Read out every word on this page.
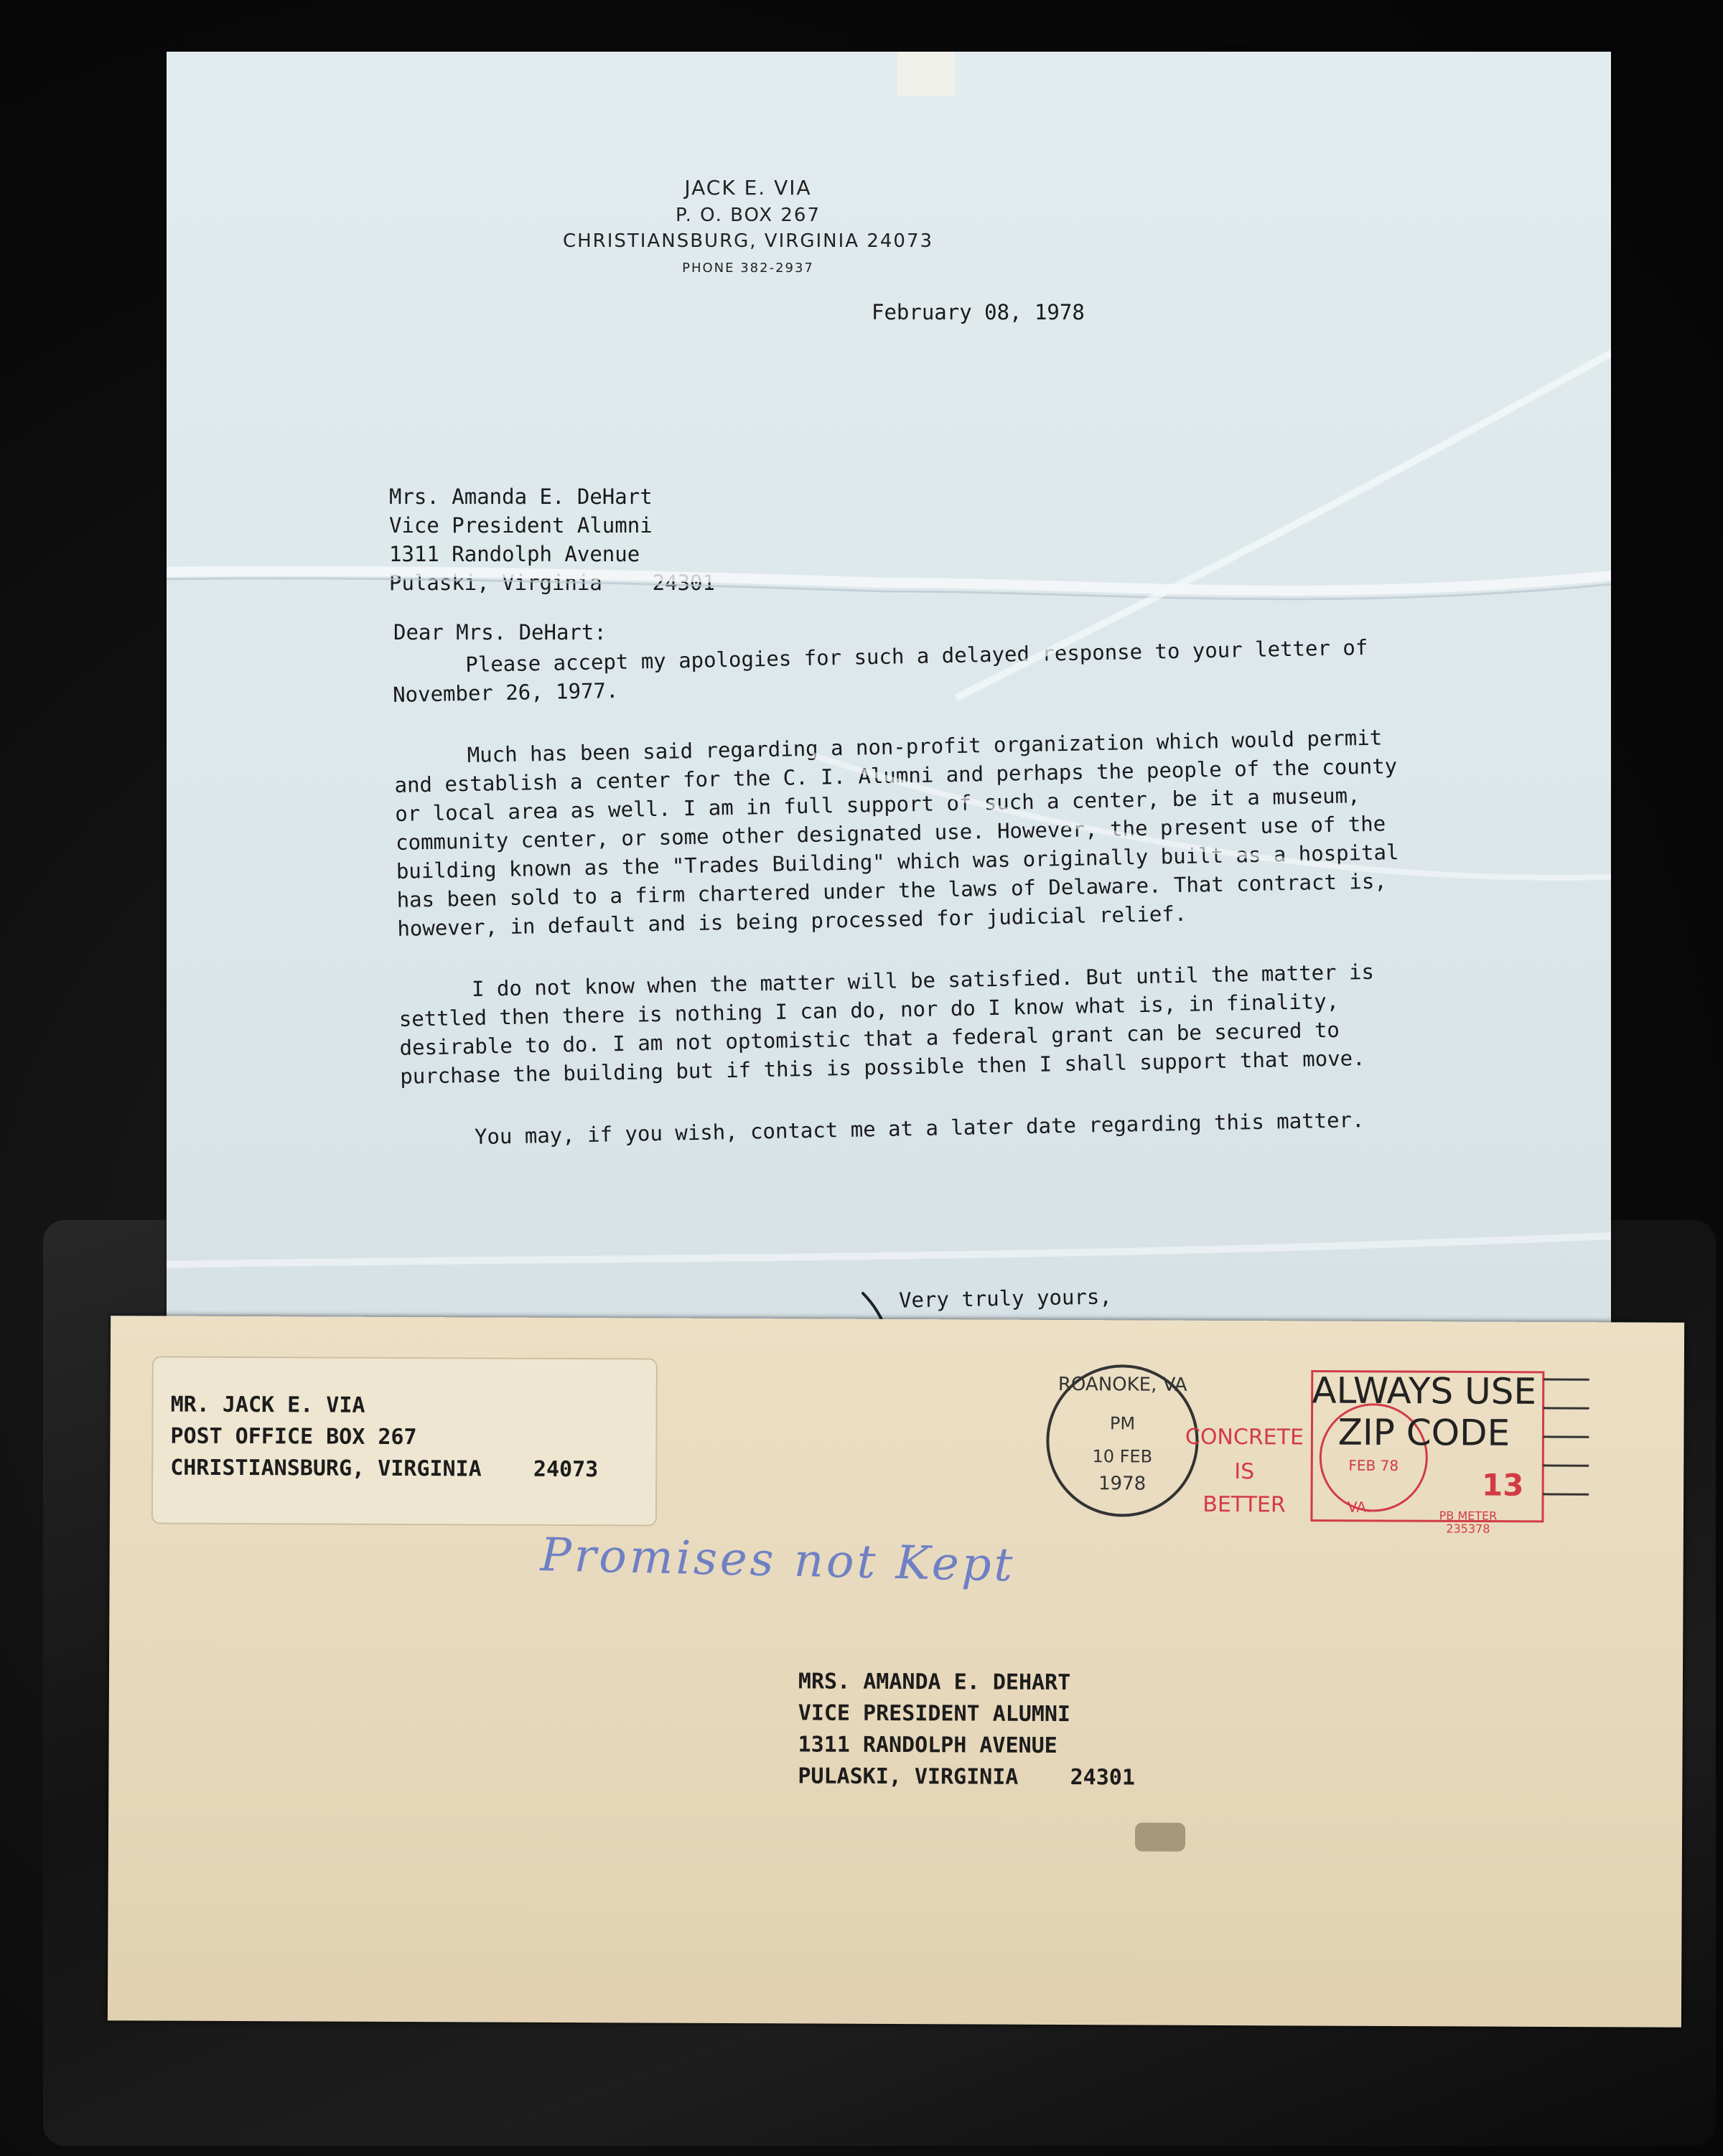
JACK E. VIA
P. O. BOX 267
CHRISTIANSBURG, VIRGINIA 24073
PHONE 382-2937
February 08, 1978
Mrs. Amanda E. DeHart
Vice President Alumni
1311 Randolph Avenue
Pulaski, Virginia    24301
Dear Mrs. DeHart:

Please accept my apologies for such a delayed response to your letter of November 26, 1977.

Much has been said regarding a non-profit organization which would permit and establish a center for the C. I. Alumni and perhaps the people of the county or local area as well. I am in full support of such a center, be it a museum, community center, or some other designated use. However, the present use of the building known as the "Trades Building" which was originally built as a hospital has been sold to a firm chartered under the laws of Delaware. That contract is, however, in default and is being processed for judicial relief.

I do not know when the matter will be satisfied. But until the matter is settled then there is nothing I can do, nor do I know what is, in finality, desirable to do. I am not optomistic that a federal grant can be secured to purchase the building but if this is possible then I shall support that move.

You may, if you wish, contact me at a later date regarding this matter.

Very truly yours,
MR. JACK E. VIA
POST OFFICE BOX 267
CHRISTIANSBURG, VIRGINIA    24073
Promises not Kept
ROANOKE, VA
PM
10 FEB
1978
CONCRETE
IS
BETTER
ALWAYS USE
ZIP CODE
FEB 78
VA.
13
PB METER
235378
MRS. AMANDA E. DEHART
VICE PRESIDENT ALUMNI
1311 RANDOLPH AVENUE
PULASKI, VIRGINIA    24301
